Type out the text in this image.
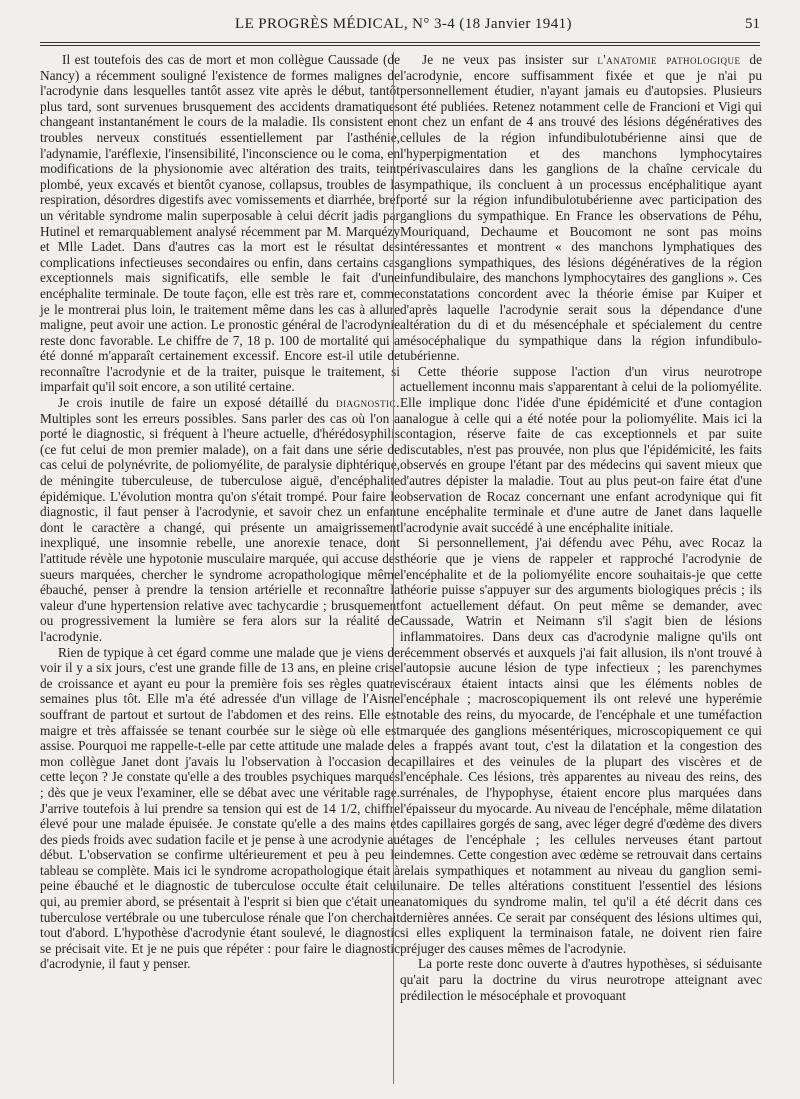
LE PROGRÈS MÉDICAL, N° 3-4 (18 Janvier 1941)	51

Il est toutefois des cas de mort et mon collègue Caussade (de Nancy) a récemment souligné l'existence de formes malignes de l'acrodynie dans lesquelles tantôt assez vite après le début, tantôt plus tard, sont survenues brusquement des accidents dramatiques changeant instantanément le cours de la maladie. Ils consistent en troubles nerveux constitués essentiellement par l'asthénie, l'adynamie, l'aréflexie, l'insensibilité, l'inconscience ou le coma, en modifications de la physionomie avec altération des traits, teint plombé, yeux excavés et bientôt cyanose, collapsus, troubles de la respiration, désordres digestifs avec vomissements et diarrhée, bref un véritable syndrome malin superposable à celui décrit jadis par Hutinel et remarquablement analysé récemment par M. Marquézy et Mlle Ladet. Dans d'autres cas la mort est le résultat des complications infectieuses secondaires ou enfin, dans certains cas exceptionnels mais significatifs, elle semble le fait d'une encéphalite terminale. De toute façon, elle est très rare et, comme je le montrerai plus loin, le traitement même dans les cas à allure maligne, peut avoir une action. Le pronostic général de l'acrodynie reste donc favorable. Le chiffre de 7, 18 p. 100 de mortalité qui a été donné m'apparaît certainement excessif. Encore est-il utile de reconnaître l'acrodynie et de la traiter, puisque le traitement, si imparfait qu'il soit encore, a son utilité certaine.

Je crois inutile de faire un exposé détaillé du diagnostic. Multiples sont les erreurs possibles. Sans parler des cas où l'on a porté le diagnostic, si fréquent à l'heure actuelle, d'hérédosyphilis (ce fut celui de mon premier malade), on a fait dans une série de cas celui de polynévrite, de poliomyélite, de paralysie diphtérique, de méningite tuberculeuse, de tuberculose aiguë, d'encéphalite épidémique. L'évolution montra qu'on s'était trompé. Pour faire le diagnostic, il faut penser à l'acrodynie, et savoir chez un enfant dont le caractère a changé, qui présente un amaigrissement inexpliqué, une insomnie rebelle, une anorexie tenace, dont l'attitude révèle une hypotonie musculaire marquée, qui accuse des sueurs marquées, chercher le syndrome acropathologique même ébauché, penser à prendre la tension artérielle et reconnaître la valeur d'une hypertension relative avec tachycardie ; brusquement ou progressivement la lumière se fera alors sur la réalité de l'acrodynie.

Rien de typique à cet égard comme une malade que je viens de voir il y a six jours, c'est une grande fille de 13 ans, en pleine crise de croissance et ayant eu pour la première fois ses règles quatre semaines plus tôt. Elle m'a été adressée d'un village de l'Aisne souffrant de partout et surtout de l'abdomen et des reins. Elle est maigre et très affaissée se tenant courbée sur le siège où elle est assise. Pourquoi me rappelle-t-elle par cette attitude une malade de mon collègue Janet dont j'avais lu l'observation à l'occasion de cette leçon ? Je constate qu'elle a des troubles psychiques marqués ; dès que je veux l'examiner, elle se débat avec une véritable rage. J'arrive toutefois à lui prendre sa tension qui est de 14 1/2, chiffre élevé pour une malade épuisée. Je constate qu'elle a des mains et des pieds froids avec sudation facile et je pense à une acrodynie au début. L'observation se confirme ultérieurement et peu à peu le tableau se complète. Mais ici le syndrome acropathologique était à peine ébauché et le diagnostic de tuberculose occulte était celui qui, au premier abord, se présentait à l'esprit si bien que c'était une tuberculose vertébrale ou une tuberculose rénale que l'on cherchait tout d'abord. L'hypothèse d'acrodynie étant soulevé, le diagnostic se précisait vite. Et je ne puis que répéter : pour faire le diagnostic d'acrodynie, il faut y penser.

Je ne veux pas insister sur l'anatomie pathologique de l'acrodynie, encore suffisamment fixée et que je n'ai pu personnellement étudier, n'ayant jamais eu d'autopsies. Plusieurs ont été publiées. Retenez notamment celle de Francioni et Vigi qui ont chez un enfant de 4 ans trouvé des lésions dégénératives des cellules de la région infundibulotubérienne ainsi que de l'hyperpigmentation et des manchons lymphocytaires périvasculaires dans les ganglions de la chaîne cervicale du sympathique, ils concluent à un processus encéphalitique ayant porté sur la région infundibulotubérienne avec participation des ganglions du sympathique. En France les observations de Péhu, Mouriquand, Dechaume et Boucomont ne sont pas moins intéressantes et montrent « des manchons lymphatiques des ganglions sympathiques, des lésions dégénératives de la région infundibulaire, des manchons lymphocytaires des ganglions ». Ces constatations concordent avec la théorie émise par Kuiper et d'après laquelle l'acrodynie serait sous la dépendance d'une altération du di et du mésencéphale et spécialement du centre mésocéphalique du sympathique dans la région infundibulo-tubérienne.

Cette théorie suppose l'action d'un virus neurotrope actuellement inconnu mais s'apparentant à celui de la poliomyélite. Elle implique donc l'idée d'une épidémicité et d'une contagion analogue à celle qui a été notée pour la poliomyélite. Mais ici la contagion, réserve faite de cas exceptionnels et par suite discutables, n'est pas prouvée, non plus que l'épidémicité, les faits observés en groupe l'étant par des médecins qui savent mieux que d'autres dépister la maladie. Tout au plus peut-on faire état d'une observation de Rocaz concernant une enfant acrodynique qui fit une encéphalite terminale et d'une autre de Janet dans laquelle l'acrodynie avait succédé à une encéphalite initiale.

Si personnellement, j'ai défendu avec Péhu, avec Rocaz la théorie que je viens de rappeler et rapproché l'acrodynie de l'encéphalite et de la poliomyélite encore souhaitais-je que cette théorie puisse s'appuyer sur des arguments biologiques précis ; ils font actuellement défaut. On peut même se demander, avec Caussade, Watrin et Neimann s'il s'agit bien de lésions inflammatoires. Dans deux cas d'acrodynie maligne qu'ils ont récemment observés et auxquels j'ai fait allusion, ils n'ont trouvé à l'autopsie aucune lésion de type infectieux ; les parenchymes viscéraux étaient intacts ainsi que les éléments nobles de l'encéphale ; macroscopiquement ils ont relevé une hyperémie notable des reins, du myocarde, de l'encéphale et une tuméfaction marquée des ganglions mésentériques, microscopiquement ce qui les a frappés avant tout, c'est la dilatation et la congestion des capillaires et des veinules de la plupart des viscères et de l'encéphale. Ces lésions, très apparentes au niveau des reins, des surrénales, de l'hypophyse, étaient encore plus marquées dans l'épaisseur du myocarde. Au niveau de l'encéphale, même dilatation des capillaires gorgés de sang, avec léger degré d'œdème des divers étages de l'encéphale ; les cellules nerveuses étant partout indemnes. Cette congestion avec œdème se retrouvait dans certains relais sympathiques et notamment au niveau du ganglion semi-lunaire. De telles altérations constituent l'essentiel des lésions anatomiques du syndrome malin, tel qu'il a été décrit dans ces dernières années. Ce serait par conséquent des lésions ultimes qui, si elles expliquent la terminaison fatale, ne doivent rien faire préjuger des causes mêmes de l'acrodynie.

La porte reste donc ouverte à d'autres hypothèses, si séduisante qu'ait paru la doctrine du virus neurotrope atteignant avec prédilection le mésocéphale et provoquant
